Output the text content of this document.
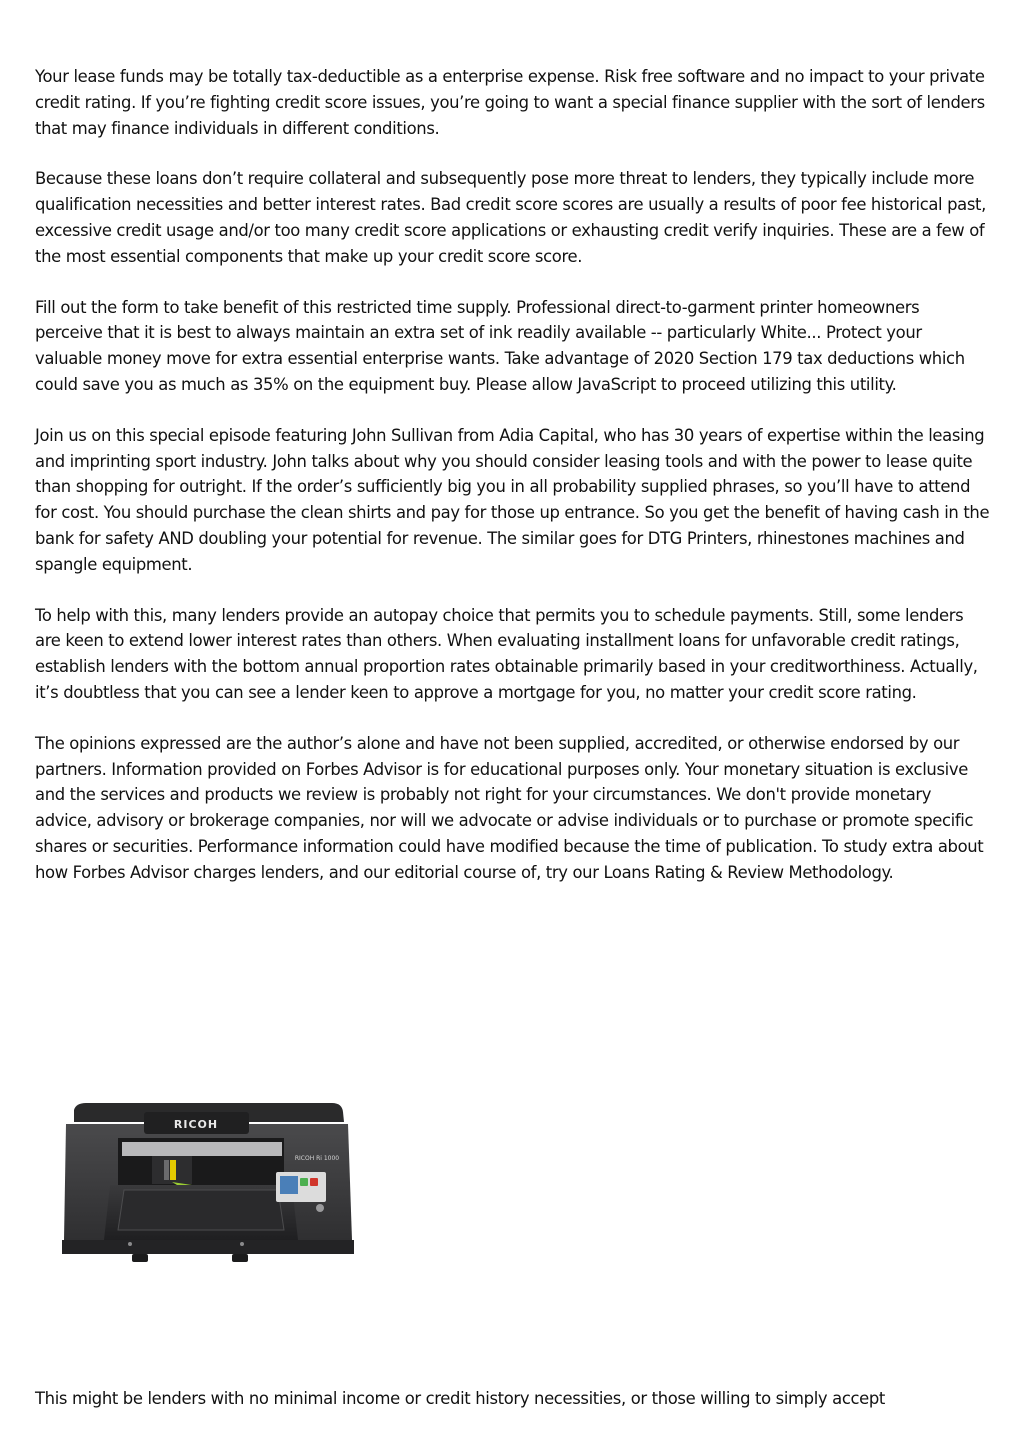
Your lease funds may be totally tax-deductible as a enterprise expense. Risk free software and no impact to your private credit rating. If you’re fighting credit score issues, you’re going to want a special finance supplier with the sort of lenders that may finance individuals in different conditions.

Because these loans don’t require collateral and subsequently pose more threat to lenders, they typically include more qualification necessities and better interest rates. Bad credit score scores are usually a results of poor fee historical past, excessive credit usage and/or too many credit score applications or exhausting credit verify inquiries. These are a few of the most essential components that make up your credit score score.

Fill out the form to take benefit of this restricted time supply. Professional direct-to-garment printer homeowners perceive that it is best to always maintain an extra set of ink readily available -- particularly White... Protect your valuable money move for extra essential enterprise wants. Take advantage of 2020 Section 179 tax deductions which could save you as much as 35% on the equipment buy. Please allow JavaScript to proceed utilizing this utility.

Join us on this special episode featuring John Sullivan from Adia Capital, who has 30 years of expertise within the leasing and imprinting sport industry. John talks about why you should consider leasing tools and with the power to lease quite than shopping for outright. If the order’s sufficiently big you in all probability supplied phrases, so you’ll have to attend for cost. You should purchase the clean shirts and pay for those up entrance. So you get the benefit of having cash in the bank for safety AND doubling your potential for revenue. The similar goes for DTG Printers, rhinestones machines and spangle equipment.

To help with this, many lenders provide an autopay choice that permits you to schedule payments. Still, some lenders are keen to extend lower interest rates than others. When evaluating installment loans for unfavorable credit ratings, establish lenders with the bottom annual proportion rates obtainable primarily based in your creditworthiness. Actually, it’s doubtless that you can see a lender keen to approve a mortgage for you, no matter your credit score rating.

The opinions expressed are the author’s alone and have not been supplied, accredited, or otherwise endorsed by our partners. Information provided on Forbes Advisor is for educational purposes only. Your monetary situation is exclusive and the services and products we review is probably not right for your circumstances. We don't provide monetary advice, advisory or brokerage companies, nor will we advocate or advise individuals or to purchase or promote specific shares or securities. Performance information could have modified because the time of publication. To study extra about how Forbes Advisor charges lenders, and our editorial course of, try our Loans Rating & Review Methodology.

RICOH
RICOH Ri 1000

This might be lenders with no minimal income or credit history necessities, or those willing to simply accept
